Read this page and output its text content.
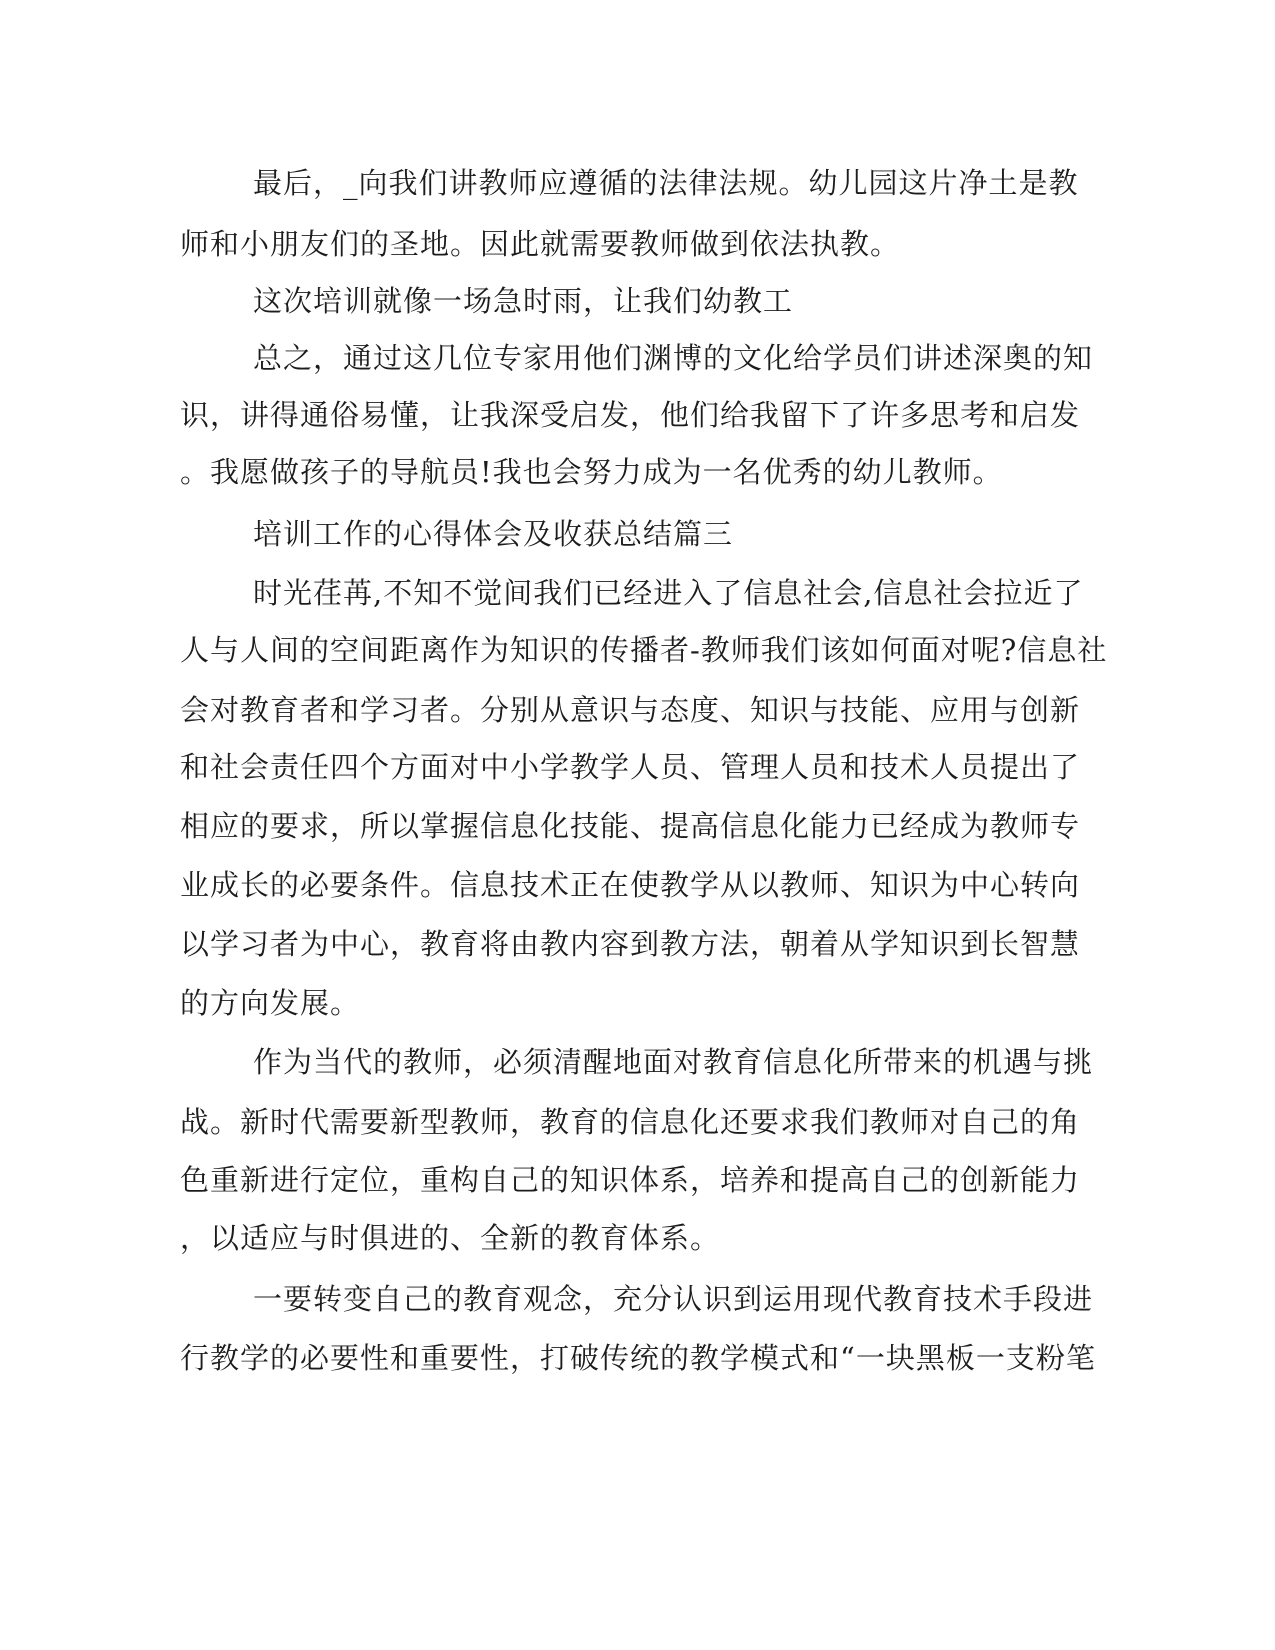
最后，_向我们讲教师应遵循的法律法规。幼儿园这片净土是教
师和小朋友们的圣地。因此就需要教师做到依法执教。
这次培训就像一场急时雨，让我们幼教工
总之，通过这几位专家用他们渊博的文化给学员们讲述深奥的知
识，讲得通俗易懂，让我深受启发，他们给我留下了许多思考和启发
。我愿做孩子的导航员!我也会努力成为一名优秀的幼儿教师。
培训工作的心得体会及收获总结篇三
时光荏苒,不知不觉间我们已经进入了信息社会,信息社会拉近了
人与人间的空间距离作为知识的传播者-教师我们该如何面对呢?信息社
会对教育者和学习者。分别从意识与态度、知识与技能、应用与创新
和社会责任四个方面对中小学教学人员、管理人员和技术人员提出了
相应的要求，所以掌握信息化技能、提高信息化能力已经成为教师专
业成长的必要条件。信息技术正在使教学从以教师、知识为中心转向
以学习者为中心，教育将由教内容到教方法，朝着从学知识到长智慧
的方向发展。
作为当代的教师，必须清醒地面对教育信息化所带来的机遇与挑
战。新时代需要新型教师，教育的信息化还要求我们教师对自己的角
色重新进行定位，重构自己的知识体系，培养和提高自己的创新能力
，以适应与时俱进的、全新的教育体系。
一要转变自己的教育观念，充分认识到运用现代教育技术手段进
行教学的必要性和重要性，打破传统的教学模式和“一块黑板一支粉笔
